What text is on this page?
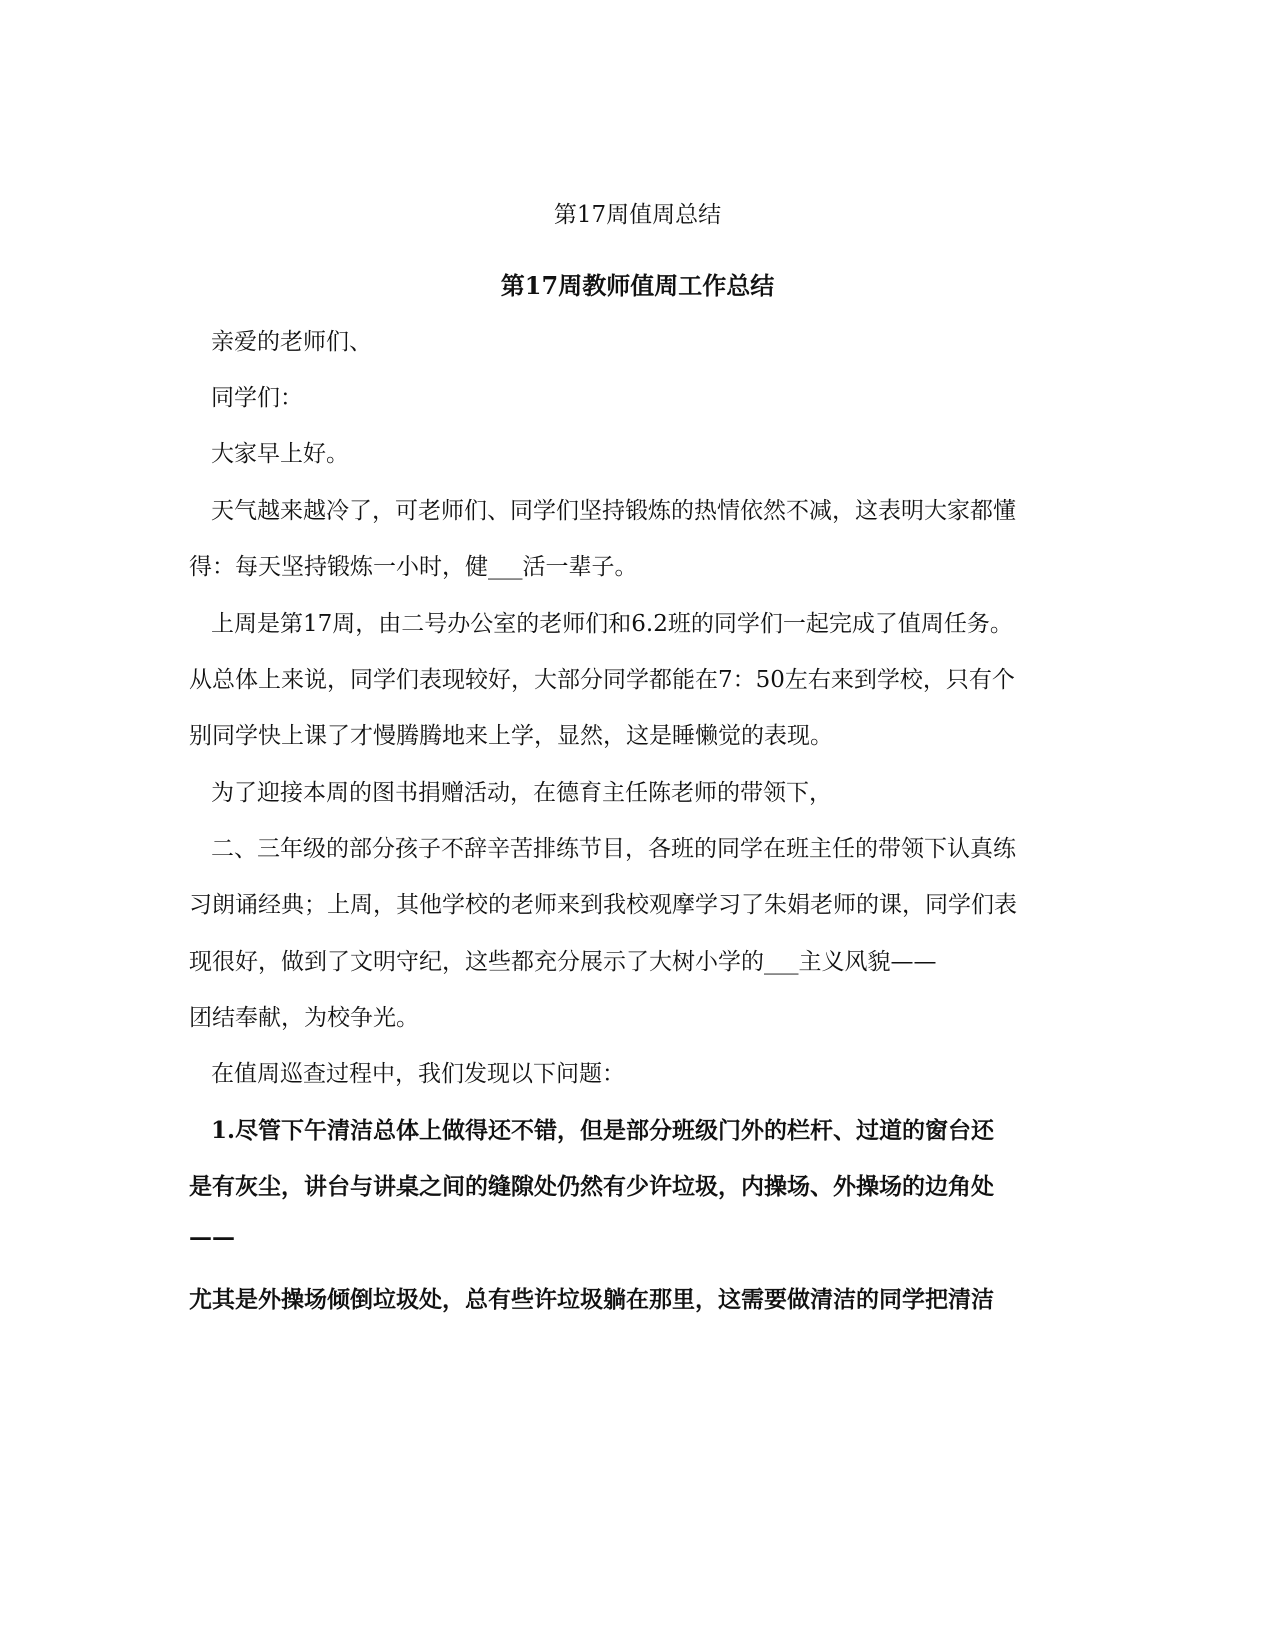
第17周值周总结
第17周教师值周工作总结
亲爱的老师们、
同学们：
大家早上好。
天气越来越冷了，可老师们、同学们坚持锻炼的热情依然不减，这表明大家都懂
得：每天坚持锻炼一小时，健___活一辈子。
上周是第17周，由二号办公室的老师们和6.2班的同学们一起完成了值周任务。
从总体上来说，同学们表现较好，大部分同学都能在7：50左右来到学校，只有个
别同学快上课了才慢腾腾地来上学，显然，这是睡懒觉的表现。
为了迎接本周的图书捐赠活动，在德育主任陈老师的带领下，
二、三年级的部分孩子不辞辛苦排练节目，各班的同学在班主任的带领下认真练
习朗诵经典；上周，其他学校的老师来到我校观摩学习了朱娟老师的课，同学们表
现很好，做到了文明守纪，这些都充分展示了大树小学的___主义风貌——
团结奉献，为校争光。
在值周巡查过程中，我们发现以下问题：
1.尽管下午清洁总体上做得还不错，但是部分班级门外的栏杆、过道的窗台还
是有灰尘，讲台与讲桌之间的缝隙处仍然有少许垃圾，内操场、外操场的边角处
——
尤其是外操场倾倒垃圾处，总有些许垃圾躺在那里，这需要做清洁的同学把清洁
